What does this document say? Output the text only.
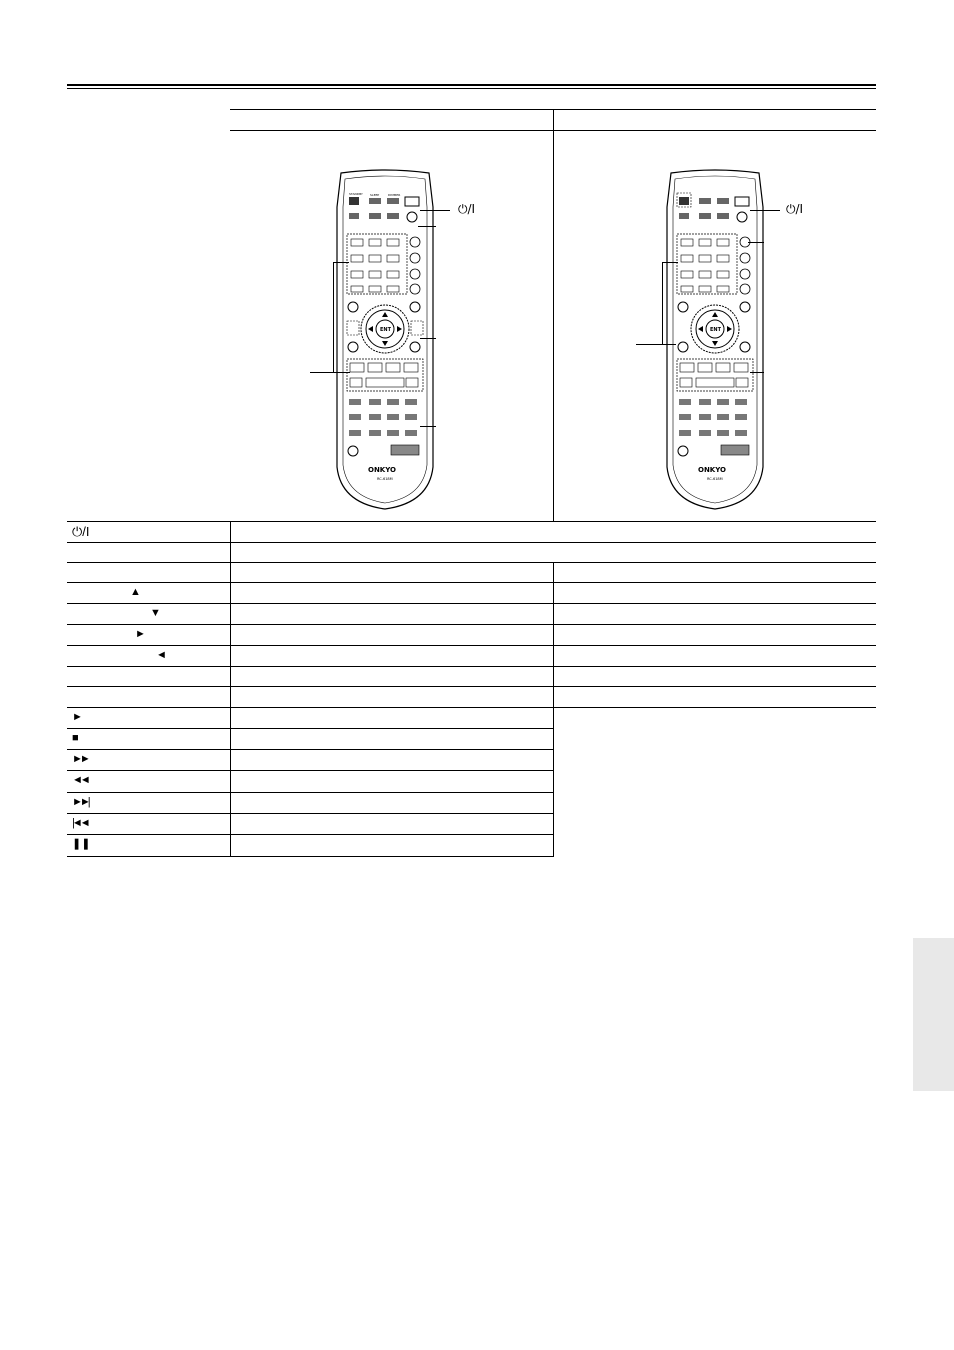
STANDBY SLEEP	DIMMER
ENT
ONKYO
RC-618M
⏻/I
ENT
ONKYO
RC-618M
⏻/I
⏻/I
▲
▼
►
◄
►
■
►►
◄◄
►►|
|◄◄
❚❚
